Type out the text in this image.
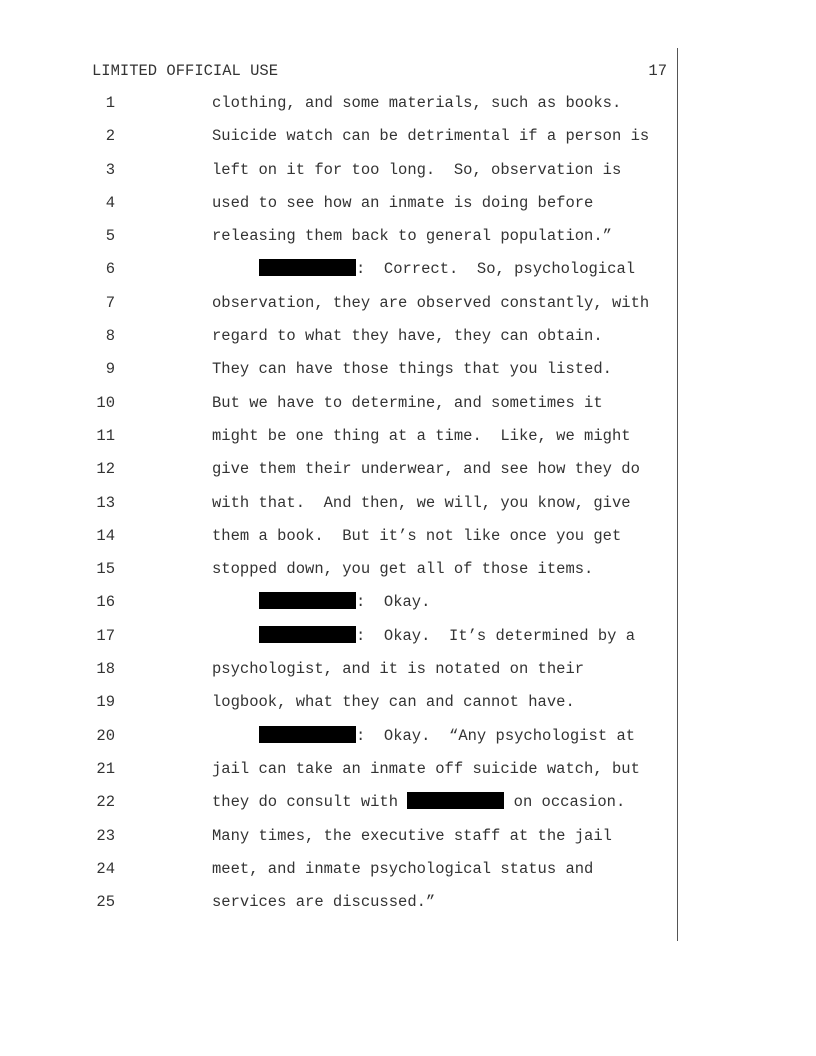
LIMITED OFFICIAL USE	17
1	clothing, and some materials, such as books.
2	Suicide watch can be detrimental if a person is
3	left on it for too long.  So, observation is
4	used to see how an inmate is doing before
5	releasing them back to general population.”
6	:  Correct.  So, psychological
7	observation, they are observed constantly, with
8	regard to what they have, they can obtain.
9	They can have those things that you listed.
10	But we have to determine, and sometimes it
11	might be one thing at a time.  Like, we might
12	give them their underwear, and see how they do
13	with that.  And then, we will, you know, give
14	them a book.  But it’s not like once you get
15	stopped down, you get all of those items.
16	:  Okay.
17	:  Okay.  It’s determined by a
18	psychologist, and it is notated on their
19	logbook, what they can and cannot have.
20	:  Okay.  “Any psychologist at
21	jail can take an inmate off suicide watch, but
22	they do consult with	on occasion.
23	Many times, the executive staff at the jail
24	meet, and inmate psychological status and
25	services are discussed.”
